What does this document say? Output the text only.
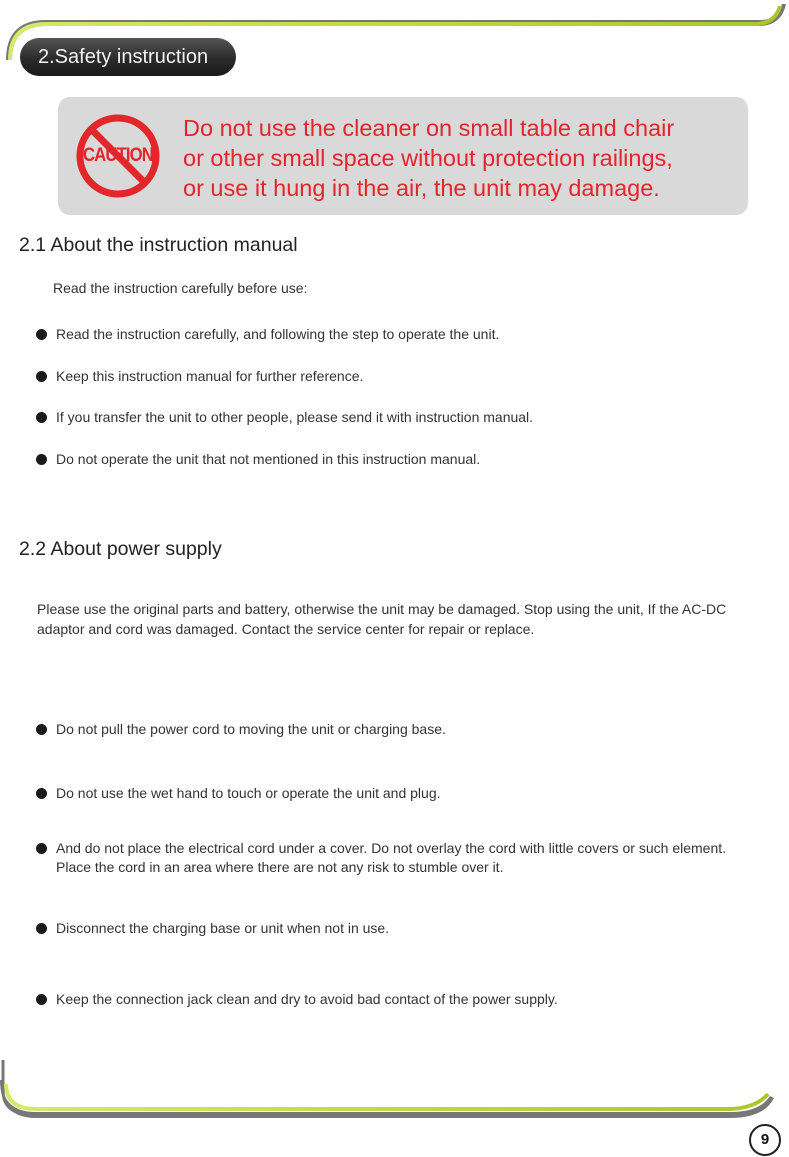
2.Safety instruction
CAUTION
Do not use the cleaner on small table and chair
or other small space without protection railings,
or use it hung in the air, the unit may damage.
2.1 About the instruction manual
Read the instruction carefully before use:
Read the instruction carefully, and following the step to operate the unit.
Keep this instruction manual for further reference.
If you transfer the unit to other people, please send it with instruction manual.
Do not operate the unit that not mentioned in this instruction manual.
2.2 About power supply
Please use the original parts and battery, otherwise the unit may be damaged. Stop using the unit, If the AC-DC adaptor and cord was damaged. Contact the service center for repair or replace.
Do not pull the power cord to moving the unit or charging base.
Do not use the wet hand to touch or operate the unit and plug.
And do not place the electrical cord under a cover. Do not overlay the cord with little covers or such element. Place the cord in an area where there are not any risk to stumble over it.
Disconnect the charging base or unit when not in use.
Keep the connection jack clean and dry to avoid bad contact of the power supply.
9
